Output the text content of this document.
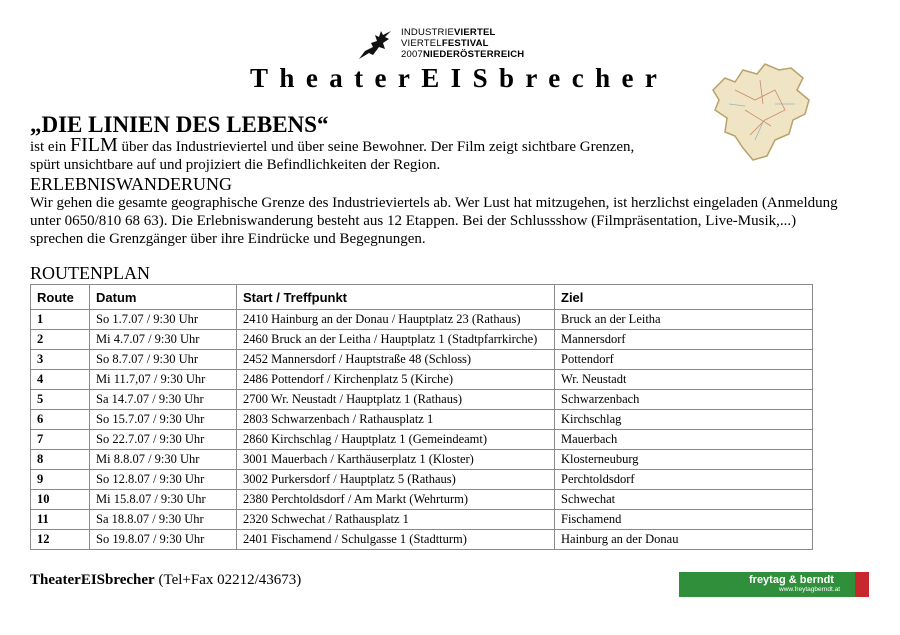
INDUSTRIEVIERTEL
VIERTELFESTIVAL
2007NIEDERÖSTERREICH
TheaterEISbrecher
„DIE LINIEN DES LEBENS“
ist ein FILM über das Industrieviertel und über seine Bewohner. Der Film zeigt sichtbare Grenzen,
spürt unsichtbare auf und projiziert die Befindlichkeiten der Region.
ERLEBNISWANDERUNG
Wir gehen die gesamte geographische Grenze des Industrieviertels ab. Wer Lust hat mitzugehen, ist herzlichst eingeladen (Anmeldung
unter 0650/810 68 63). Die Erlebniswanderung besteht aus 12 Etappen. Bei der Schlussshow (Filmpräsentation, Live-Musik,...)
sprechen die Grenzgänger über ihre Eindrücke und Begegnungen.
ROUTENPLAN
Route	Datum	Start / Treffpunkt	Ziel
1	So 1.7.07 / 9:30 Uhr	2410 Hainburg an der Donau / Hauptplatz 23 (Rathaus)	Bruck an der Leitha
2	Mi 4.7.07 / 9:30 Uhr	2460 Bruck an der Leitha / Hauptplatz 1 (Stadtpfarrkirche)	Mannersdorf
3	So 8.7.07 / 9:30 Uhr	2452 Mannersdorf / Hauptstraße 48 (Schloss)	Pottendorf
4	Mi 11.7,07 / 9:30 Uhr	2486 Pottendorf / Kirchenplatz 5 (Kirche)	Wr. Neustadt
5	Sa 14.7.07 / 9:30 Uhr	2700 Wr. Neustadt / Hauptplatz 1 (Rathaus)	Schwarzenbach
6	So 15.7.07 / 9:30 Uhr	2803 Schwarzenbach / Rathausplatz 1	Kirchschlag
7	So 22.7.07 / 9:30 Uhr	2860 Kirchschlag / Hauptplatz 1 (Gemeindeamt)	Mauerbach
8	Mi 8.8.07 / 9:30 Uhr	3001 Mauerbach / Karthäuserplatz 1 (Kloster)	Klosterneuburg
9	So 12.8.07 / 9:30 Uhr	3002 Purkersdorf / Hauptplatz 5 (Rathaus)	Perchtoldsdorf
10	Mi 15.8.07 / 9:30 Uhr	2380 Perchtoldsdorf / Am Markt (Wehrturm)	Schwechat
11	Sa 18.8.07 / 9:30 Uhr	2320 Schwechat / Rathausplatz 1	Fischamend
12	So 19.8.07 / 9:30 Uhr	2401 Fischamend / Schulgasse 1 (Stadtturm)	Hainburg an der Donau
TheaterEISbrecher (Tel+Fax 02212/43673)	freytag & berndt
www.freytagberndt.at
